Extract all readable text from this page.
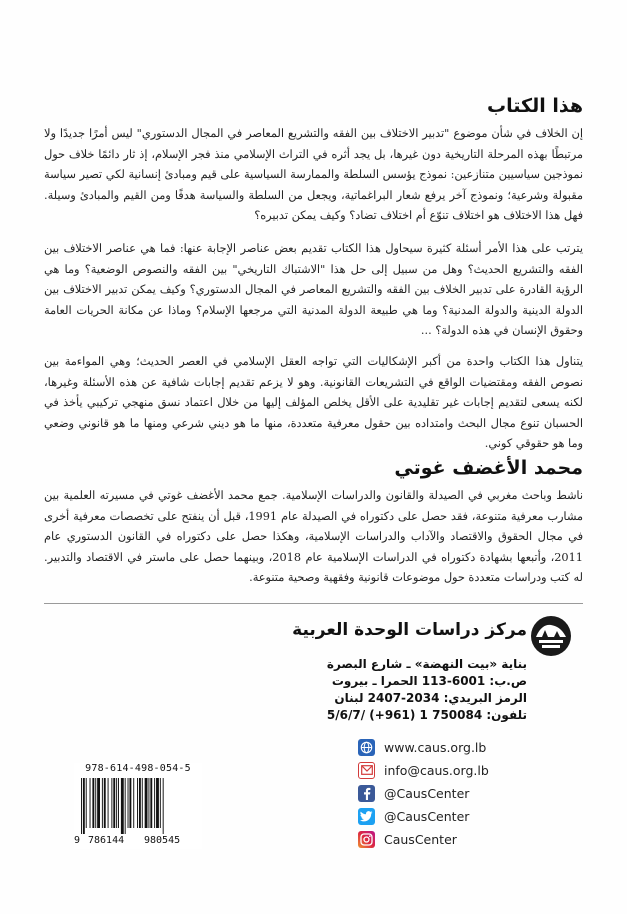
هذا الكتاب

إن الخلاف في شأن موضوع "تدبير الاختلاف بين الفقه والتشريع المعاصر في المجال الدستوري" ليس أمرًا جديدًا ولا مرتبطًا بهذه المرحلة التاريخية دون غيرها، بل يجد أثره في التراث الإسلامي منذ فجر الإسلام، إذ ثار دائمًا خلاف حول نموذجين سياسيين متنازعين: نموذج يؤسس السلطة والممارسة السياسية على قيم ومبادئ إنسانية لكي تصير سياسة مقبولة وشرعية؛ ونموذج آخر يرفع شعار البراغماتية، ويجعل من السلطة والسياسة هدفًا ومن القيم والمبادئ وسيلة. فهل هذا الاختلاف هو اختلاف تنوّع أم اختلاف تضاد؟ وكيف يمكن تدبيره؟

يترتب على هذا الأمر أسئلة كثيرة سيحاول هذا الكتاب تقديم بعض عناصر الإجابة عنها: فما هي عناصر الاختلاف بين الفقه والتشريع الحديث؟ وهل من سبيل إلى حل هذا "الاشتباك التاريخي" بين الفقه والنصوص الوضعية؟ وما هي الرؤية القادرة على تدبير الخلاف بين الفقه والتشريع المعاصر في المجال الدستوري؟ وكيف يمكن تدبير الاختلاف بين الدولة الدينية والدولة المدنية؟ وما هي طبيعة الدولة المدنية التي مرجعها الإسلام؟ وماذا عن مكانة الحريات العامة وحقوق الإنسان في هذه الدولة؟ ...

يتناول هذا الكتاب واحدة من أكبر الإشكاليات التي تواجه العقل الإسلامي في العصر الحديث؛ وهي المواءمة بين نصوص الفقه ومقتضيات الواقع في التشريعات القانونية. وهو لا يزعم تقديم إجابات شافية عن هذه الأسئلة وغيرها، لكنه يسعى لتقديم إجابات غير تقليدية على الأقل يخلص المؤلف إليها من خلال اعتماد نسق منهجي تركيبي يأخذ في الحسبان تنوع مجال البحث وامتداده بين حقول معرفية متعددة، منها ما هو ديني شرعي ومنها ما هو قانوني وضعي وما هو حقوقي كوني.

محمد الأغضف غوتي

ناشط وباحث مغربي في الصيدلة والقانون والدراسات الإسلامية. جمع محمد الأغضف غوتي في مسيرته العلمية بين مشارب معرفية متنوعة، فقد حصل على دكتوراه في الصيدلة عام 1991، قبل أن ينفتح على تخصصات معرفية أخرى في مجال الحقوق والاقتصاد والآداب والدراسات الإسلامية، وهكذا حصل على دكتوراه في القانون الدستوري عام 2011، وأتبعها بشهادة دكتوراه في الدراسات الإسلامية عام 2018، وبينهما حصل على ماستر في الاقتصاد والتدبير. له كتب ودراسات متعددة حول موضوعات قانونية وفقهية وصحية متنوعة.

مركز دراسات الوحدة العربية
بناية «بيت النهضة» ـ شارع البصرة
ص.ب: 6001-113 الحمرا ـ بيروت
الرمز البريدي: 2034-2407 لبنان
تلفون: 750084 1 (961+) /5/6/7
www.caus.org.lb
info@caus.org.lb
@CausCenter
@CausCenter
CausCenter
978-614-498-054-5
9 786144 980545
